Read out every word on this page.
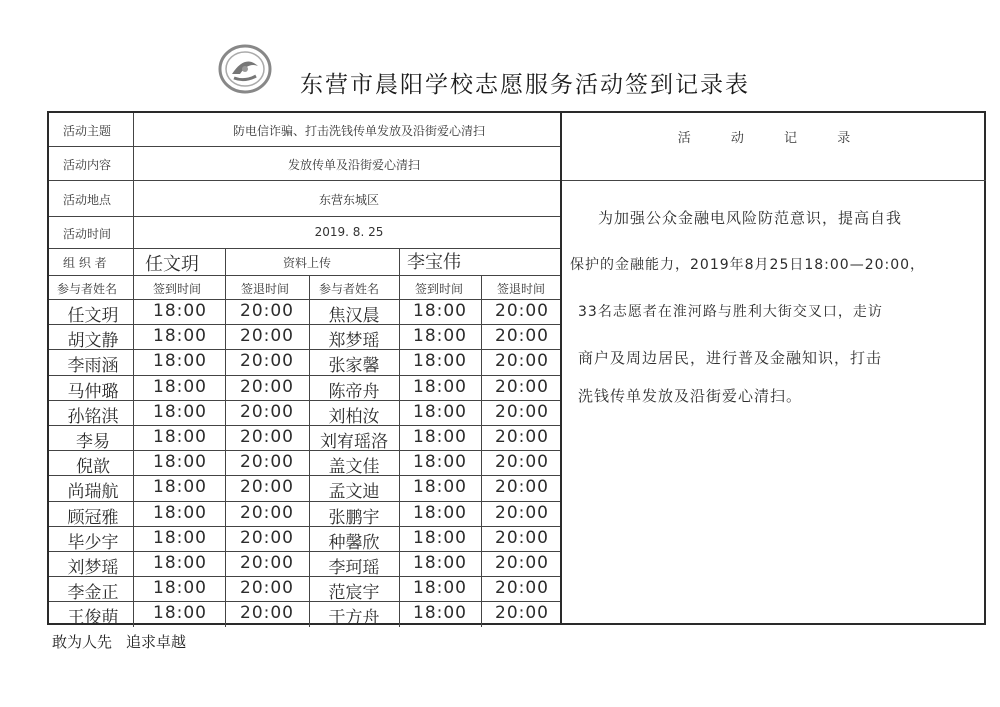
东营市晨阳学校志愿服务活动签到记录表
活动主题	防电信诈骗、打击洗钱传单发放及沿街爱心清扫
活动内容	发放传单及沿街爱心清扫
活动地点	东营东城区
活动时间	2019. 8. 25
组 织 者 任文玥	资料上传	李宝伟
参与者姓名	签到时间	签退时间 参与者姓名	签到时间	签退时间
任文玥	18:00	20:00	焦汉晨	18:00	20:00
胡文静	18:00	20:00	郑梦瑶	18:00	20:00
李雨涵	18:00	20:00	张家馨	18:00	20:00
马仲璐	18:00	20:00	陈帝舟	18:00	20:00
孙铭淇	18:00	20:00	刘柏汝	18:00	20:00
李易	18:00	20:00	刘宥瑶洛	18:00	20:00
倪歆	18:00	20:00	盖文佳	18:00	20:00
尚瑞航	18:00	20:00	孟文迪	18:00	20:00
顾冠雅	18:00	20:00	张鹏宇	18:00	20:00
毕少宇	18:00	20:00	种馨欣	18:00	20:00
刘梦瑶	18:00	20:00	李珂瑶	18:00	20:00
李金正	18:00	20:00	范宸宇	18:00	20:00
王俊萌	18:00	20:00	于方舟	18:00	20:00
活 动 记 录
为加强公众金融电风险防范意识，提高自我
保护的金融能力，2019年8月25日18:00—20:00，
33名志愿者在淮河路与胜利大街交叉口，走访
商户及周边居民，进行普及金融知识，打击
洗钱传单发放及沿街爱心清扫。
敢为人先 追求卓越
